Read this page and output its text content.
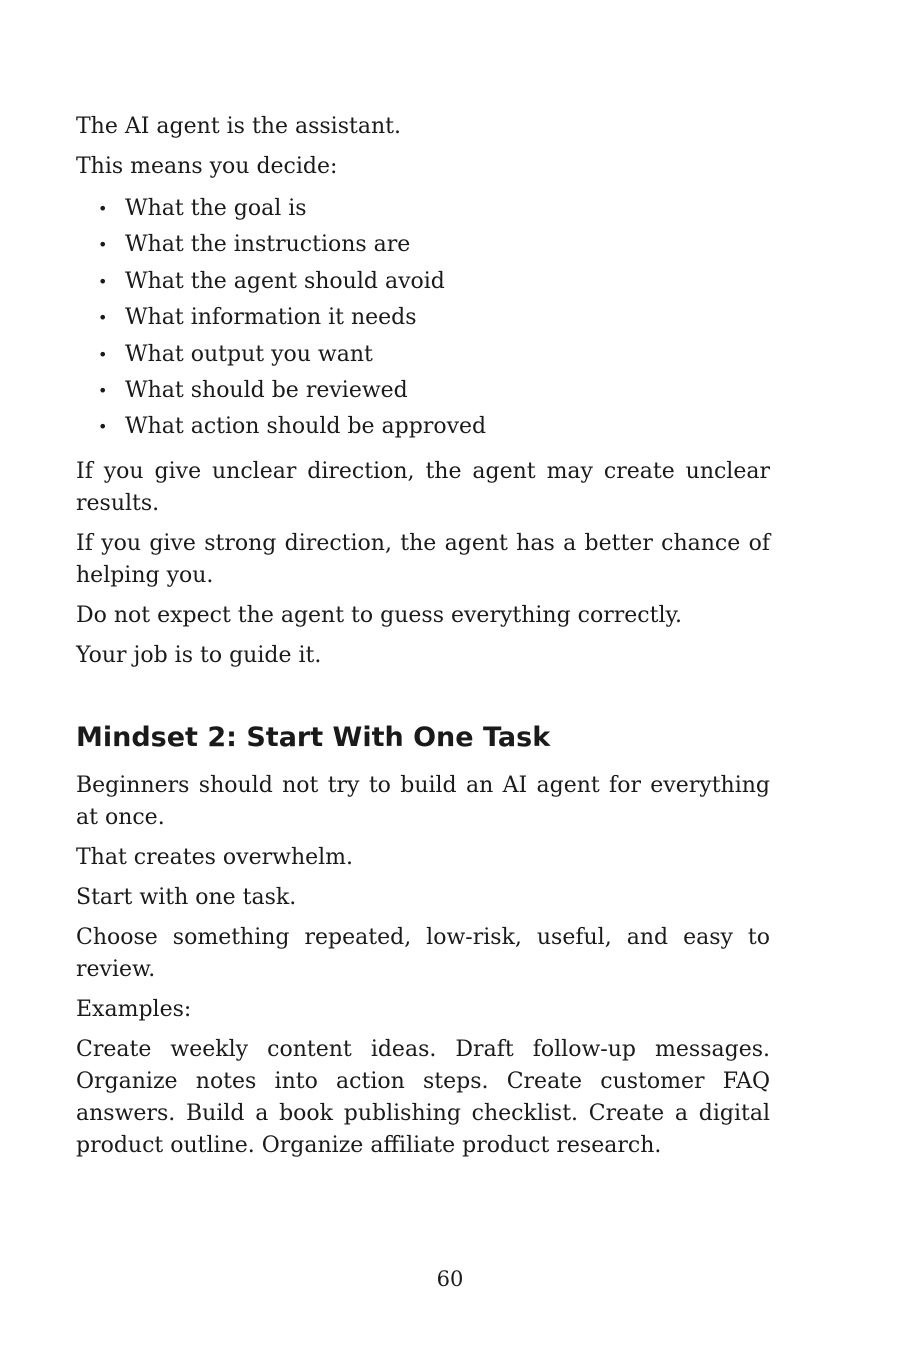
The AI agent is the assistant.

This means you decide:

• What the goal is
• What the instructions are
• What the agent should avoid
• What information it needs
• What output you want
• What should be reviewed
• What action should be approved

If you give unclear direction, the agent may create unclear results.

If you give strong direction, the agent has a better chance of helping you.

Do not expect the agent to guess everything correctly.

Your job is to guide it.

Mindset 2: Start With One Task

Beginners should not try to build an AI agent for everything at once.

That creates overwhelm.

Start with one task.

Choose something repeated, low-risk, useful, and easy to review.

Examples:

Create weekly content ideas. Draft follow-up messages. Organize notes into action steps. Create customer FAQ answers. Build a book publishing checklist. Create a digital product outline. Organize affiliate product research.

60
